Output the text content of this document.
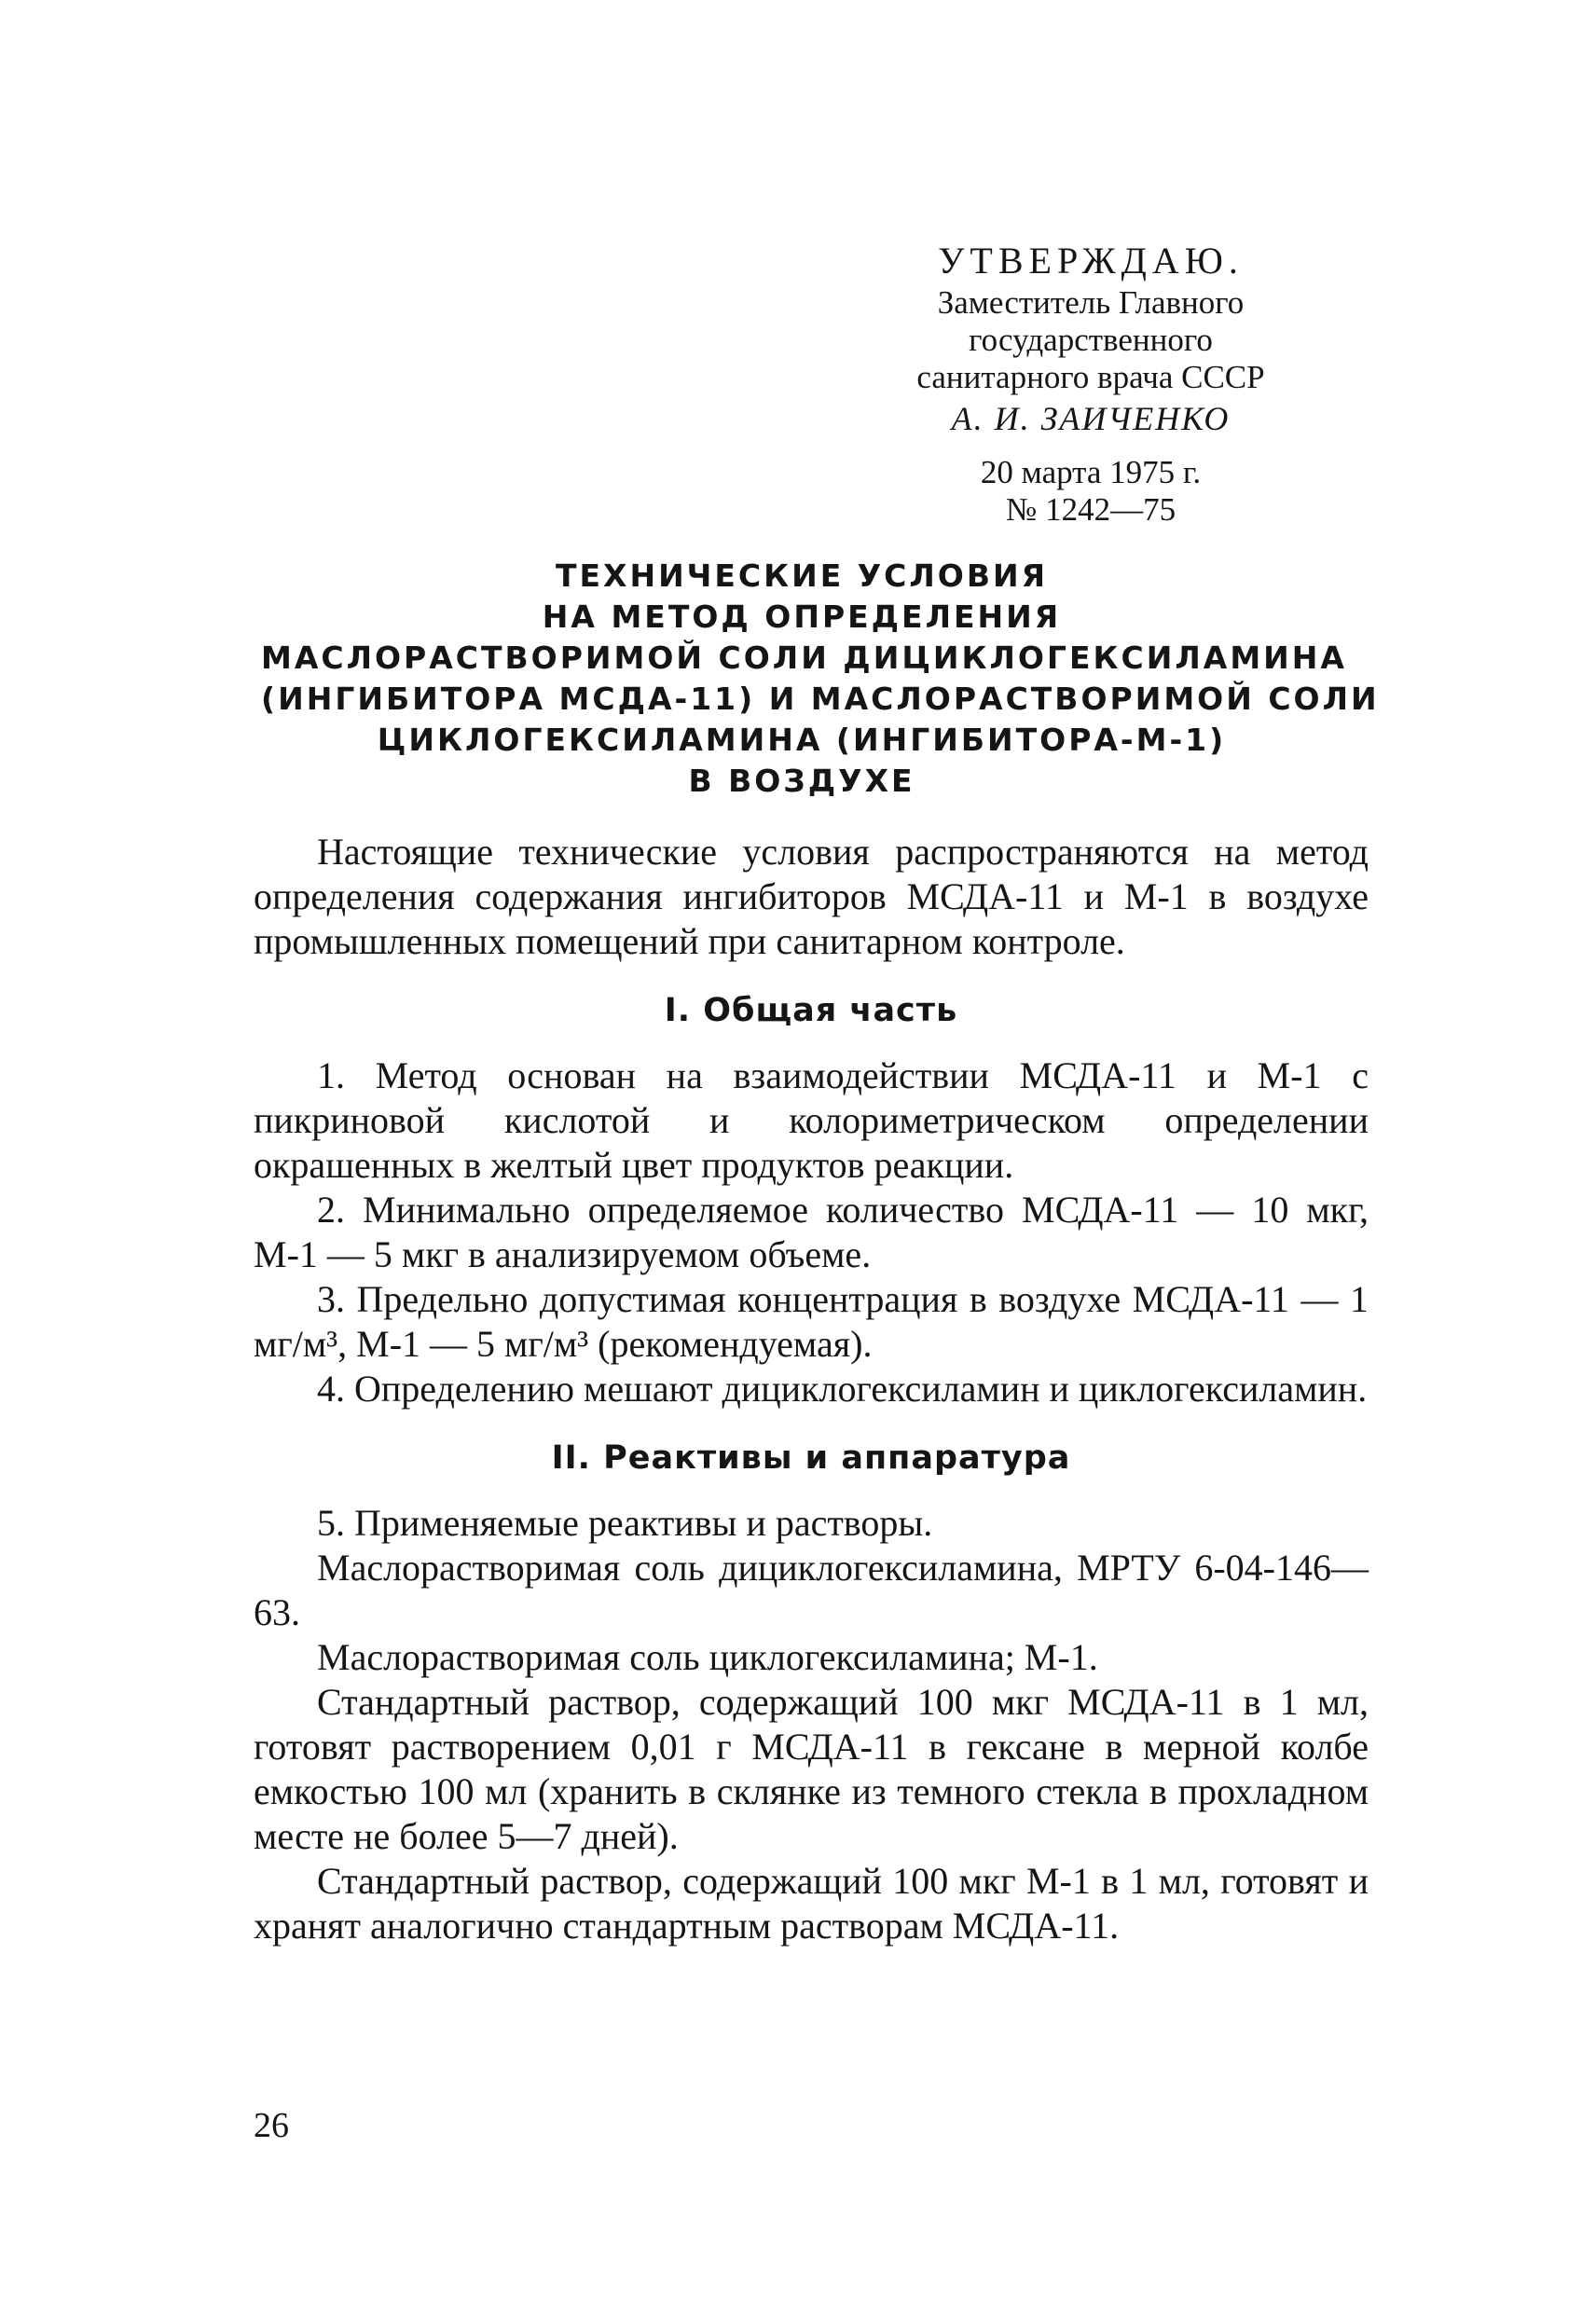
УТВЕРЖДАЮ.
Заместитель Главного
государственного
санитарного врача СССР
А. И. ЗАИЧЕНКО
20 марта 1975 г.
№ 1242—75
ТЕХНИЧЕСКИЕ УСЛОВИЯ
НА МЕТОД ОПРЕДЕЛЕНИЯ
МАСЛОРАСТВОРИМОЙ СОЛИ ДИЦИКЛОГЕКСИЛАМИНА
(ИНГИБИТОРА МСДА-11) И МАСЛОРАСТВОРИМОЙ СОЛИ
ЦИКЛОГЕКСИЛАМИНА (ИНГИБИТОРА-М-1)
В ВОЗДУХЕ

Настоящие технические условия распространяются на метод определения содержания ингибиторов МСДА-11 и М-1 в воздухе промышленных помещений при санитарном контроле.

I. Общая часть

1. Метод основан на взаимодействии МСДА-11 и М-1 с пикриновой кислотой и колориметрическом определении окрашенных в желтый цвет продуктов реакции.

2. Минимально определяемое количество МСДА-11 — 10 мкг, М-1 — 5 мкг в анализируемом объеме.

3. Предельно допустимая концентрация в воздухе МСДА-11 — 1 мг/м³, М-1 — 5 мг/м³ (рекомендуемая).

4. Определению мешают дициклогексиламин и циклогексиламин.

II. Реактивы и аппаратура

5. Применяемые реактивы и растворы.

Маслорастворимая соль дициклогексиламина, МРТУ 6-04-146—63.

Маслорастворимая соль циклогексиламина; М-1.

Стандартный раствор, содержащий 100 мкг МСДА-11 в 1 мл, готовят растворением 0,01 г МСДА-11 в гексане в мерной колбе емкостью 100 мл (хранить в склянке из темного стекла в прохладном месте не более 5—7 дней).

Стандартный раствор, содержащий 100 мкг М-1 в 1 мл, готовят и хранят аналогично стандартным растворам МСДА-11.

26
